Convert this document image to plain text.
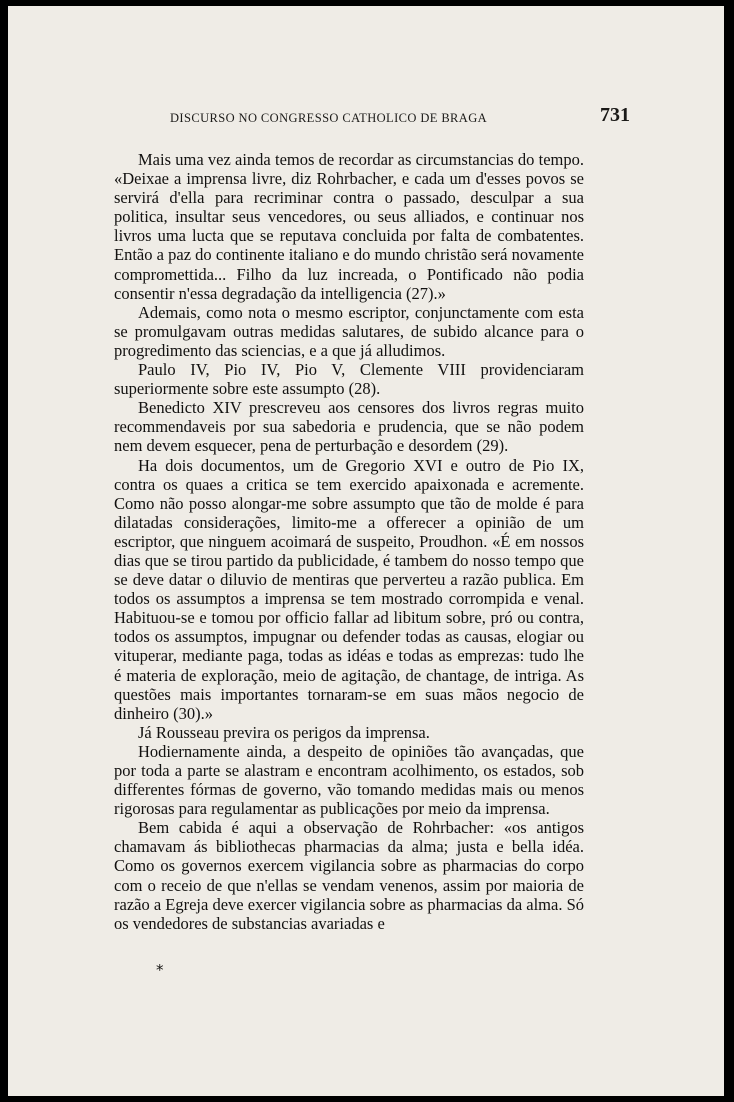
DISCURSO NO CONGRESSO CATHOLICO DE BRAGA	731

Mais uma vez ainda temos de recordar as circumstancias do tempo. «Deixae a imprensa livre, diz Rohrbacher, e cada um d'esses povos se servirá d'ella para recriminar contra o passado, desculpar a sua politica, insultar seus vencedores, ou seus alliados, e continuar nos livros uma lucta que se reputava concluida por falta de combatentes. Então a paz do continente italiano e do mundo christão será novamente compromettida... Filho da luz increada, o Pontificado não podia consentir n'essa degradação da intelligencia (27).»

Ademais, como nota o mesmo escriptor, conjunctamente com esta se promulgavam outras medidas salutares, de subido alcance para o progredimento das sciencias, e a que já alludimos.

Paulo IV, Pio IV, Pio V, Clemente VIII providenciaram superiormente sobre este assumpto (28).

Benedicto XIV prescreveu aos censores dos livros regras muito recommendaveis por sua sabedoria e prudencia, que se não podem nem devem esquecer, pena de perturbação e desordem (29).

Ha dois documentos, um de Gregorio XVI e outro de Pio IX, contra os quaes a critica se tem exercido apaixonada e acremente. Como não posso alongar-me sobre assumpto que tão de molde é para dilatadas considerações, limito-me a offerecer a opinião de um escriptor, que ninguem acoimará de suspeito, Proudhon. «É em nossos dias que se tirou partido da publicidade, é tambem do nosso tempo que se deve datar o diluvio de mentiras que perverteu a razão publica. Em todos os assumptos a imprensa se tem mostrado corrompida e venal. Habituou-se e tomou por officio fallar ad libitum sobre, pró ou contra, todos os assumptos, impugnar ou defender todas as causas, elogiar ou vituperar, mediante paga, todas as idéas e todas as emprezas: tudo lhe é materia de exploração, meio de agitação, de chantage, de intriga. As questões mais importantes tornaram-se em suas mãos negocio de dinheiro (30).»

Já Rousseau previra os perigos da imprensa.

Hodiernamente ainda, a despeito de opiniões tão avançadas, que por toda a parte se alastram e encontram acolhimento, os estados, sob differentes fórmas de governo, vão tomando medidas mais ou menos rigorosas para regulamentar as publicações por meio da imprensa.

Bem cabida é aqui a observação de Rohrbacher: «os antigos chamavam ás bibliothecas pharmacias da alma; justa e bella idéa. Como os governos exercem vigilancia sobre as pharmacias do corpo com o receio de que n'ellas se vendam venenos, assim por maioria de razão a Egreja deve exercer vigilancia sobre as pharmacias da alma. Só os vendedores de substancias avariadas e

*
